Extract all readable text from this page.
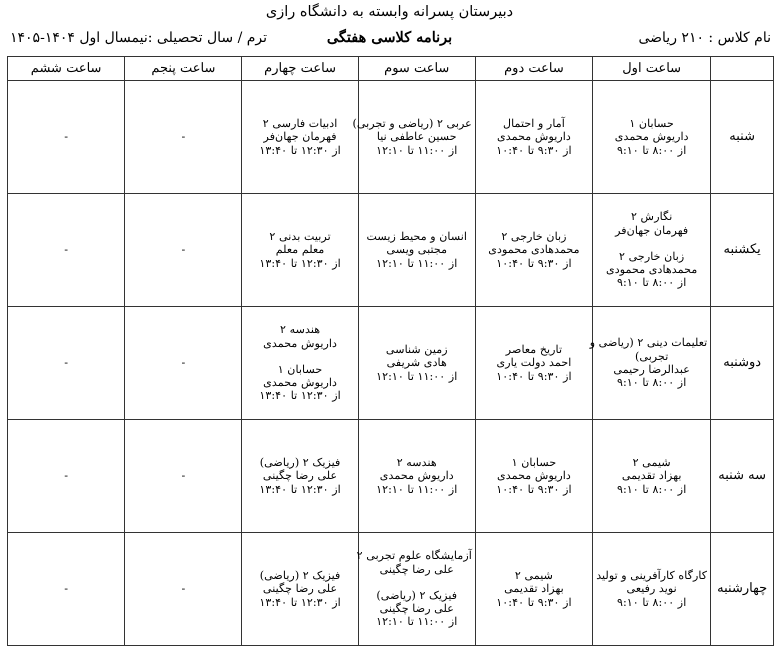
دبیرستان پسرانه وابسته به دانشگاه رازی
نام کلاس : ۲۱۰ ریاضی
برنامه کلاسی هفتگی
ترم / سال تحصیلی :نیمسال اول ۱۴۰۴-۱۴۰۵
	ساعت اول	ساعت دوم	ساعت سوم	ساعت چهارم	ساعت پنجم	ساعت ششم
شنبه	حسابان ۱
داریوش محمدی
از ۸:۰۰ تا ۹:۱۰	آمار و احتمال
داریوش محمدی
از ۹:۳۰ تا ۱۰:۴۰	عربی ۲ (ریاضی و تجربی)
حسین عاطفی نیا
از ۱۱:۰۰ تا ۱۲:۱۰	ادبیات فارسی ۲
فهرمان جهان‌فر
از ۱۲:۳۰ تا ۱۳:۴۰	-	-

یکشنبه	نگارش ۲
فهرمان جهان‌فر
زبان خارجی ۲
محمدهادی محمودی
از ۸:۰۰ تا ۹:۱۰	زبان خارجی ۲
محمدهادی محمودی
از ۹:۳۰ تا ۱۰:۴۰	انسان و محیط زیست
مجتبی ویسی
از ۱۱:۰۰ تا ۱۲:۱۰	تربیت بدنی ۲
معلم معلم
از ۱۲:۳۰ تا ۱۳:۴۰	-	-

دوشنبه	تعلیمات دینی ۲ (ریاضی و
تجربی)
عبدالرضا رحیمی
از ۸:۰۰ تا ۹:۱۰	تاریخ معاصر
احمد دولت یاری
از ۹:۳۰ تا ۱۰:۴۰	زمین شناسی
هادی شریفی
از ۱۱:۰۰ تا ۱۲:۱۰	هندسه ۲
داریوش محمدی
حسابان ۱
داریوش محمدی
از ۱۲:۳۰ تا ۱۳:۴۰	-	-

سه شنبه	شیمی ۲
بهزاد تقدیمی
از ۸:۰۰ تا ۹:۱۰	حسابان ۱
داریوش محمدی
از ۹:۳۰ تا ۱۰:۴۰	هندسه ۲
داریوش محمدی
از ۱۱:۰۰ تا ۱۲:۱۰	فیزیک ۲ (ریاضی)
علی رضا چگینی
از ۱۲:۳۰ تا ۱۳:۴۰	-	-

چهارشنبه	کارگاه کارآفرینی و تولید
نوید رفیعی
از ۸:۰۰ تا ۹:۱۰	شیمی ۲
بهزاد تقدیمی
از ۹:۳۰ تا ۱۰:۴۰	آزمایشگاه علوم تجربی ۲
علی رضا چگینی
فیزیک ۲ (ریاضی)
علی رضا چگینی
از ۱۱:۰۰ تا ۱۲:۱۰	فیزیک ۲ (ریاضی)
علی رضا چگینی
از ۱۲:۳۰ تا ۱۳:۴۰	-	-
